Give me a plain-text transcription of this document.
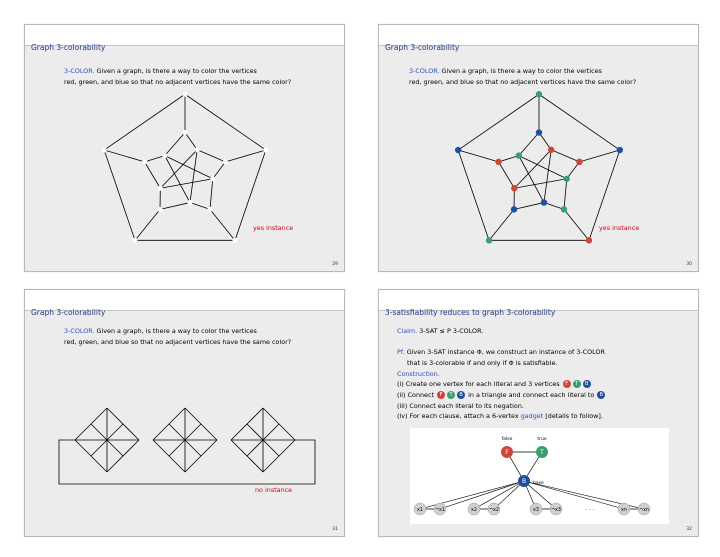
Graph 3-colorability
3-COLOR. Given a graph, is there a way to color the vertices
red, green, and blue so that no adjacent vertices have the same color?
yes instance
29
Graph 3-colorability
3-COLOR. Given a graph, is there a way to color the vertices
red, green, and blue so that no adjacent vertices have the same color?
yes instance
30
Graph 3-colorability
3-COLOR. Given a graph, is there a way to color the vertices
red, green, and blue so that no adjacent vertices have the same color?
no instance
31
3-satisfiability reduces to graph 3-colorability
Claim. 3-SAT ≤ P 3-COLOR.
Pf. Given 3-SAT instance Φ, we construct an instance of 3-COLOR
that is 3-colorable if and only if Φ is satisfiable.
Construction.
(i) Create one vertex for each literal and 3 vertices F T B
(ii) Connect F T B in a triangle and connect each literal to B
(iii) Connect each literal to its negation.
(iv) For each clause, attach a 6-vertex gadget [details to follow].
F	T
B
false	true
base
x1	¬x1	x2	¬x2	x3	¬x3	xn	¬xn
· · ·
32
